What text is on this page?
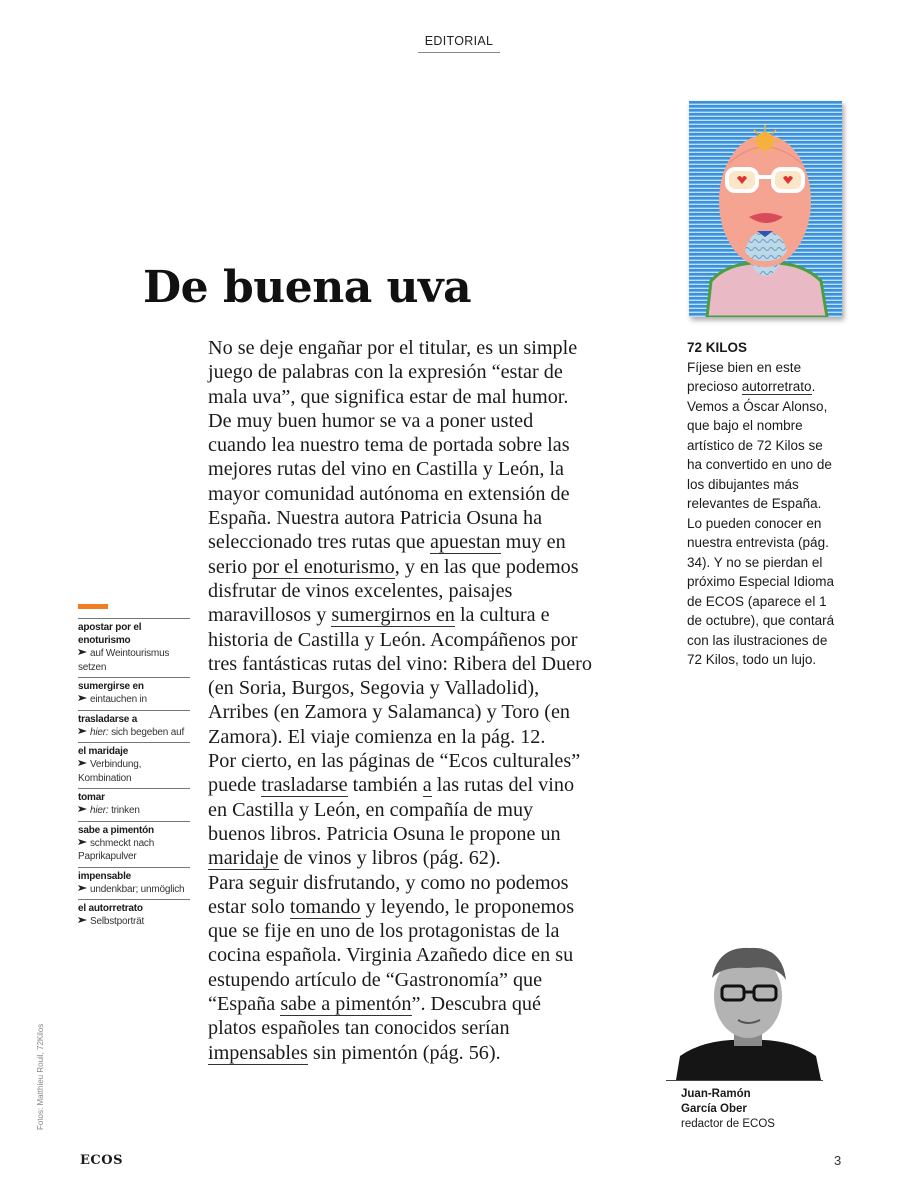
EDITORIAL
De buena uva

No se deje engañar por el titular, es un simple juego de palabras con la expresión “estar de mala uva”, que significa estar de mal humor. De muy buen humor se va a poner usted cuando lea nuestro tema de portada sobre las mejores rutas del vino en Castilla y León, la mayor comunidad autónoma en extensión de España. Nuestra autora Patricia Osuna ha seleccionado tres rutas que apuestan muy en serio por el enoturismo, y en las que podemos disfrutar de vinos excelentes, paisajes maravillosos y sumergirnos en la cultura e historia de Castilla y León. Acompáñenos por tres fantásticas rutas del vino: Ribera del Duero (en Soria, Burgos, Segovia y Valladolid), Arribes (en Zamora y Salamanca) y Toro (en Zamora). El viaje comienza en la pág. 12.

Por cierto, en las páginas de “Ecos culturales” puede trasladarse también a las rutas del vino en Castilla y León, en compañía de muy buenos libros. Patricia Osuna le propone un maridaje de vinos y libros (pág. 62).

Para seguir disfrutando, y como no podemos estar solo tomando y leyendo, le proponemos que se fije en uno de los protagonistas de la cocina española. Virginia Azañedo dice en su estupendo artículo de “Gastronomía” que “España sabe a pimentón”. Descubra qué platos españoles tan conocidos serían impensables sin pimentón (pág. 56).

apostar por el enoturismo
auf Weintourismus setzen
sumergirse en
eintauchen in
trasladarse a
hier: sich begeben auf
el maridaje
Verbindung, Kombination
tomar
hier: trinken
sabe a pimentón
schmeckt nach Paprikapulver
impensable
undenkbar; unmöglich
el autorretrato
Selbstporträt
72 KILOS
Fíjese bien en este precioso autorretrato. Vemos a Óscar Alonso, que bajo el nombre artístico de 72 Kilos se ha convertido en uno de los dibujantes más relevantes de España. Lo pueden conocer en nuestra entrevista (pág. 34). Y no se pierdan el próximo Especial Idioma de ECOS (aparece el 1 de octubre), que contará con las ilustraciones de 72 Kilos, todo un lujo.
Juan-Ramón
García Ober
redactor de ECOS
Fotos: Matthieu Rouil, 72Kilos
ECOS	3
